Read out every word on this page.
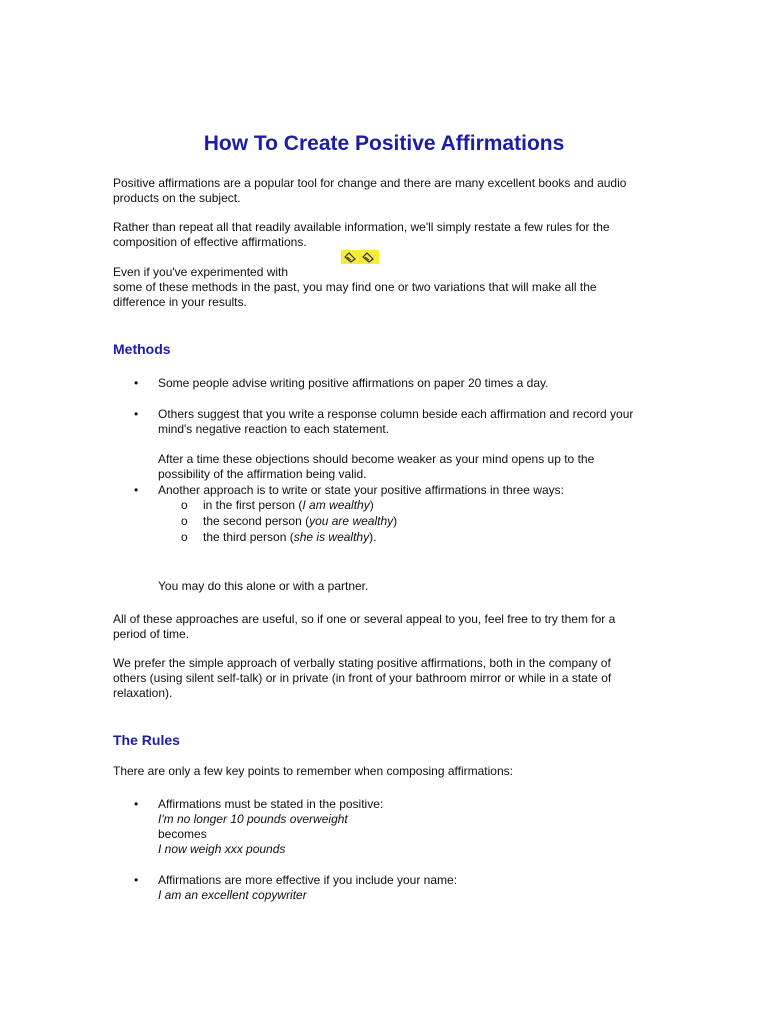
How To Create Positive Affirmations

Positive affirmations are a popular tool for change and there are many excellent books and audio products on the subject.

Rather than repeat all that readily available information, we'll simply restate a few rules for the composition of effective affirmations.

Even if you've experimented with

some of these methods in the past, you may find one or two variations that will make all the difference in your results.

Methods
• Some people advise writing positive affirmations on paper 20 times a day.

• Others suggest that you write a response column beside each affirmation and record your mind's negative reaction to each statement.

After a time these objections should become weaker as your mind opens up to the possibility of the affirmation being valid.

• Another approach is to write or state your positive affirmations in three ways:

o in the first person (I am wealthy)

o the second person (you are wealthy)

o the third person (she is wealthy).

You may do this alone or with a partner.

All of these approaches are useful, so if one or several appeal to you, feel free to try them for a period of time.

We prefer the simple approach of verbally stating positive affirmations, both in the company of others (using silent self-talk) or in private (in front of your bathroom mirror or while in a state of relaxation).

The Rules

There are only a few key points to remember when composing affirmations:

• Affirmations must be stated in the positive:

I'm no longer 10 pounds overweight

becomes

I now weigh xxx pounds

• Affirmations are more effective if you include your name:

I am an excellent copywriter
